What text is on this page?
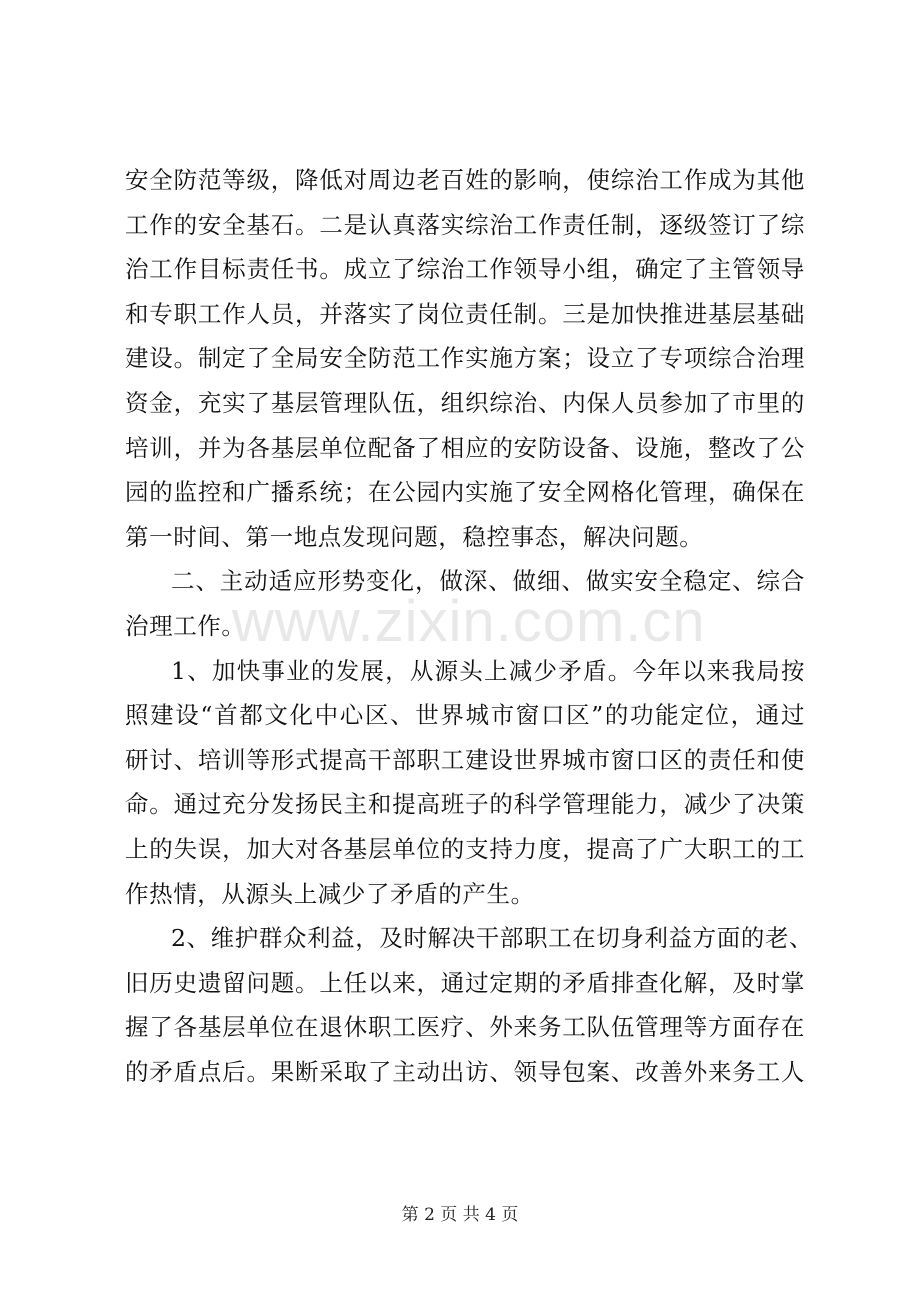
安全防范等级，降低对周边老百姓的影响，使综治工作成为其他
工作的安全基石。二是认真落实综治工作责任制，逐级签订了综
治工作目标责任书。成立了综治工作领导小组，确定了主管领导
和专职工作人员，并落实了岗位责任制。三是加快推进基层基础
建设。制定了全局安全防范工作实施方案；设立了专项综合治理
资金，充实了基层管理队伍，组织综治、内保人员参加了市里的
培训，并为各基层单位配备了相应的安防设备、设施，整改了公
园的监控和广播系统；在公园内实施了安全网格化管理，确保在
第一时间、第一地点发现问题，稳控事态，解决问题。
二、主动适应形势变化，做深、做细、做实安全稳定、综合
治理工作。
1、加快事业的发展，从源头上减少矛盾。今年以来我局按
照建设“首都文化中心区、世界城市窗口区”的功能定位，通过
研讨、培训等形式提高干部职工建设世界城市窗口区的责任和使
命。通过充分发扬民主和提高班子的科学管理能力，减少了决策
上的失误，加大对各基层单位的支持力度，提高了广大职工的工
作热情，从源头上减少了矛盾的产生。
2、维护群众利益，及时解决干部职工在切身利益方面的老、
旧历史遗留问题。上任以来，通过定期的矛盾排查化解，及时掌
握了各基层单位在退休职工医疗、外来务工队伍管理等方面存在
的矛盾点后。果断采取了主动出访、领导包案、改善外来务工人
www.zixin.com.cn
第 2 页 共 4 页
